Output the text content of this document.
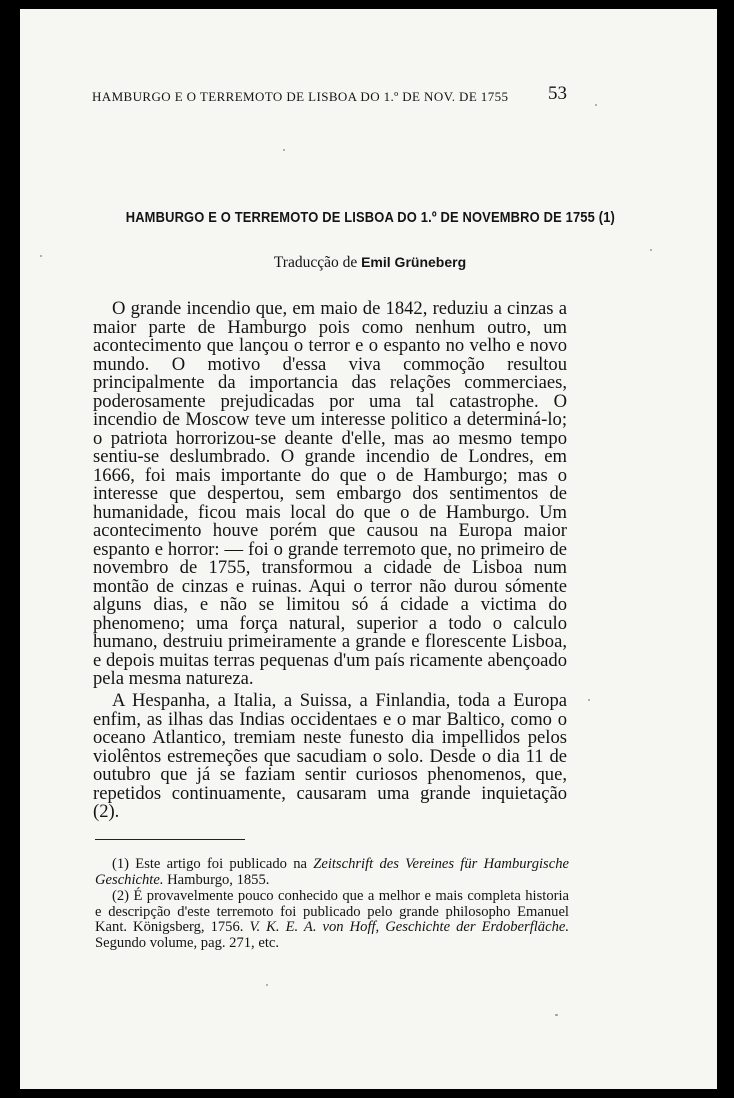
HAMBURGO E O TERREMOTO DE LISBOA DO 1.º DE NOV. DE 1755	53
HAMBURGO E O TERREMOTO DE LISBOA DO 1.º DE NOVEMBRO DE 1755 (1)
Traducção de Emil Grüneberg
O grande incendio que, em maio de 1842, reduziu a cinzas a maior parte de Hamburgo pois como nenhum outro, um acontecimento que lançou o terror e o espanto no velho e novo mundo. O motivo d'essa viva commoção resultou principalmente da importancia das relações commerciaes, poderosamente prejudicadas por uma tal catastrophe. O incendio de Moscow teve um interesse politico a determiná-lo; o patriota horrorizou-se deante d'elle, mas ao mesmo tempo sentiu-se deslumbrado. O grande incendio de Londres, em 1666, foi mais importante do que o de Hamburgo; mas o interesse que despertou, sem embargo dos sentimentos de humanidade, ficou mais local do que o de Hamburgo. Um acontecimento houve porém que causou na Europa maior espanto e horror: — foi o grande terremoto que, no primeiro de novembro de 1755, transformou a cidade de Lisboa num montão de cinzas e ruinas. Aqui o terror não durou sómente alguns dias, e não se limitou só á cidade a victima do phenomeno; uma força natural, superior a todo o calculo humano, destruiu primeiramente a grande e florescente Lisboa, e depois muitas terras pequenas d'um país ricamente abençoado pela mesma natureza.
A Hespanha, a Italia, a Suissa, a Finlandia, toda a Europa enfim, as ilhas das Indias occidentaes e o mar Baltico, como o oceano Atlantico, tremiam neste funesto dia impellidos pelos violêntos estremeções que sacudiam o solo. Desde o dia 11 de outubro que já se faziam sentir curiosos phenomenos, que, repetidos continuamente, causaram uma grande inquietação (2).
(1) Este artigo foi publicado na Zeitschrift des Vereines für Hamburgische Geschichte. Hamburgo, 1855.
(2) É provavelmente pouco conhecido que a melhor e mais completa historia e descripção d'este terremoto foi publicado pelo grande philosopho Emanuel Kant. Königsberg, 1756. V. K. E. A. von Hoff, Geschichte der Erdoberfläche. Segundo volume, pag. 271, etc.
